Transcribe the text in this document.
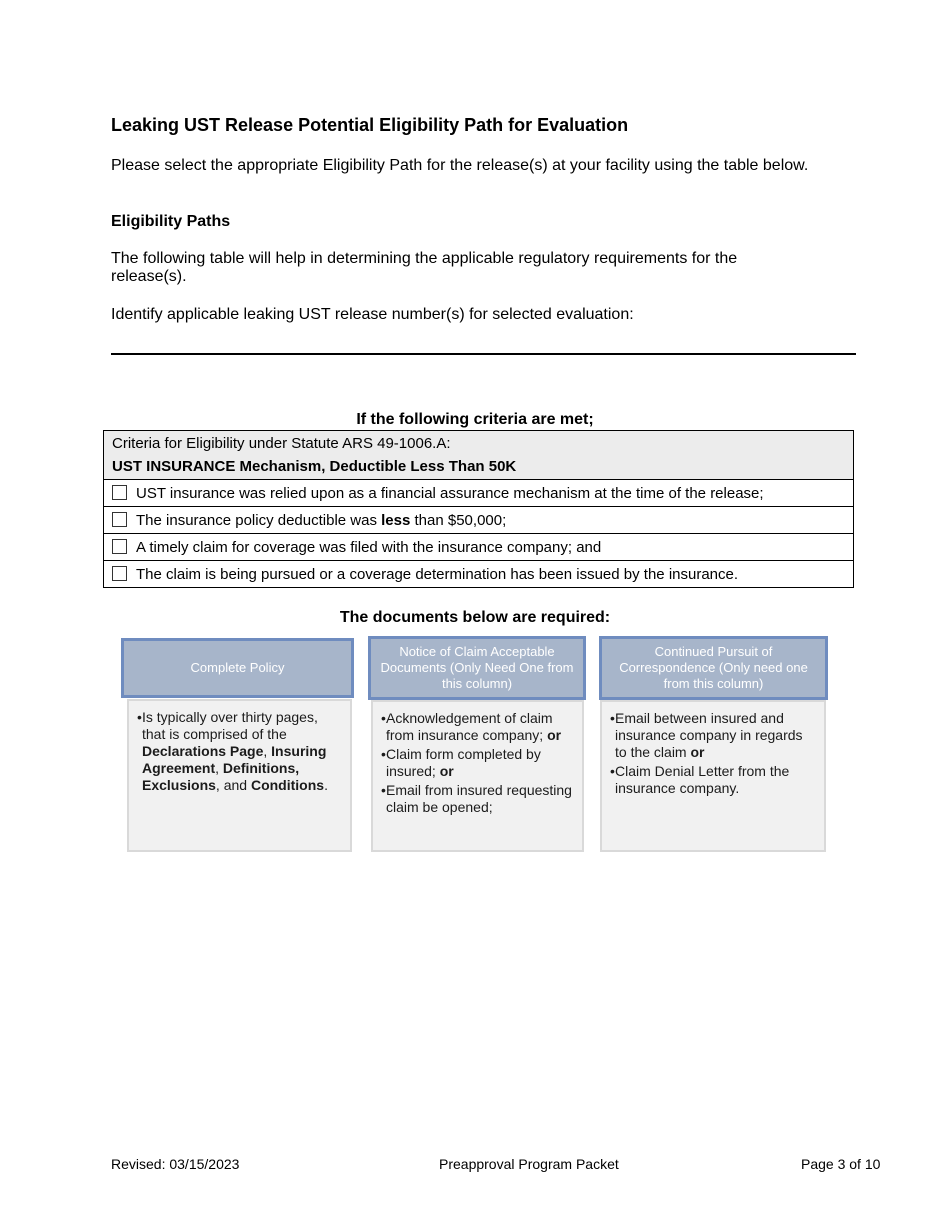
Leaking UST Release Potential Eligibility Path for Evaluation

Please select the appropriate Eligibility Path for the release(s) at your facility using the table below.

Eligibility Paths

The following table will help in determining the applicable regulatory requirements for the release(s).

Identify applicable leaking UST release number(s) for selected evaluation:

If the following criteria are met;
Criteria for Eligibility under Statute ARS 49-1006.A:
UST INSURANCE Mechanism, Deductible Less Than 50K

UST insurance was relied upon as a financial assurance mechanism at the time of the release;
The insurance policy deductible was less than $50,000;
A timely claim for coverage was filed with the insurance company; and
The claim is being pursued or a coverage determination has been issued by the insurance.
The documents below are required:
Complete Policy
• Is typically over thirty pages, that is comprised of the Declarations Page, Insuring Agreement, Definitions, Exclusions, and Conditions.
Notice of Claim Acceptable Documents (Only Need One from this column)
• Acknowledgement of claim from insurance company; or
• Claim form completed by insured; or
• Email from insured requesting claim be opened;
Continued Pursuit of Correspondence (Only need one from this column)
• Email between insured and insurance company in regards to the claim or
• Claim Denial Letter from the insurance company.
Revised: 03/15/2023	Preapproval Program Packet	Page 3 of 10
